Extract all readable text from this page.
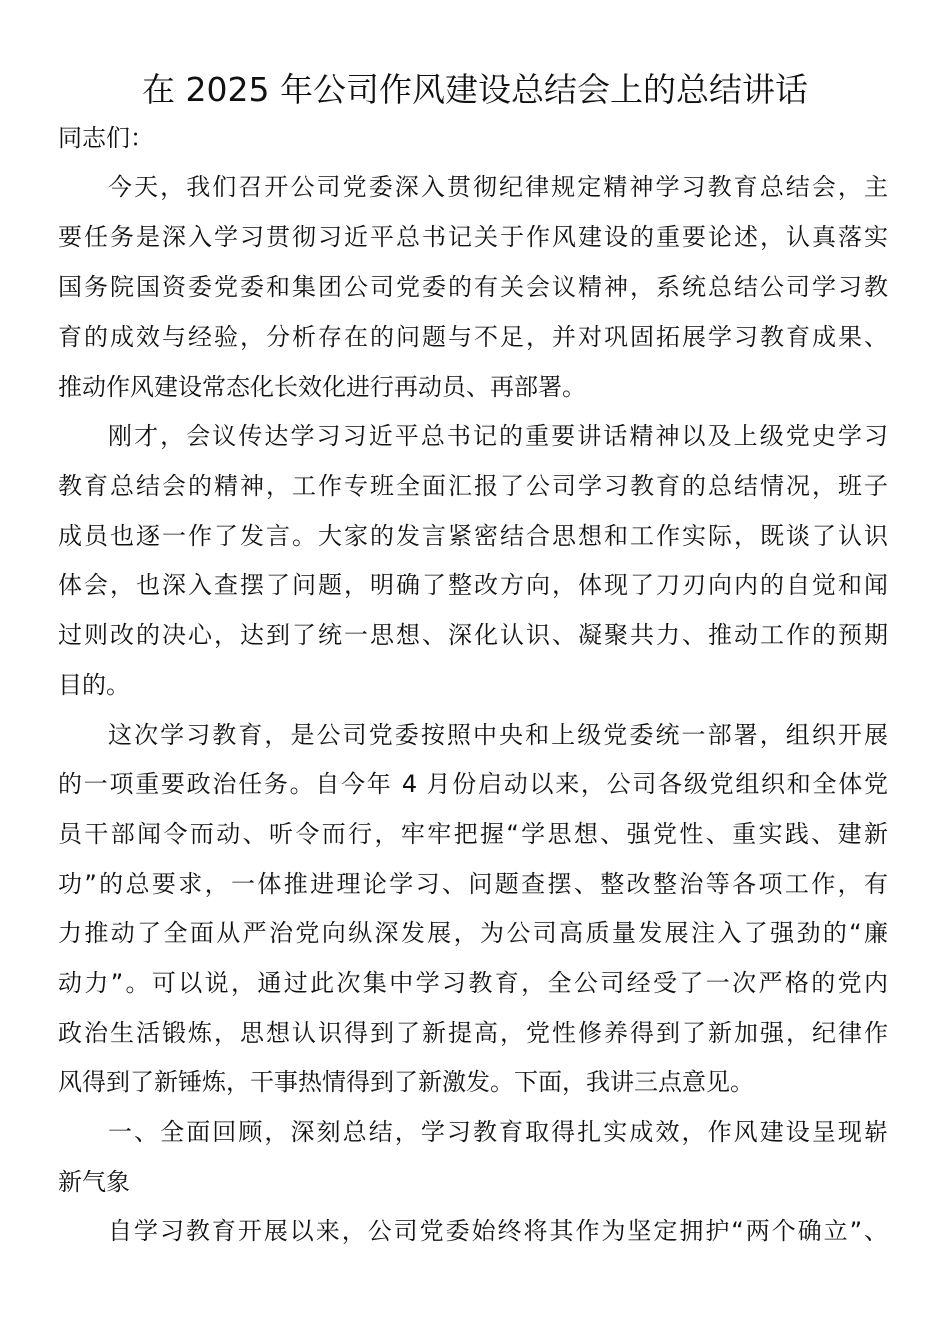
在 2025 年公司作风建设总结会上的总结讲话
同志们：
今天，我们召开公司党委深入贯彻纪律规定精神学习教育总结会，主
要任务是深入学习贯彻习近平总书记关于作风建设的重要论述，认真落实
国务院国资委党委和集团公司党委的有关会议精神，系统总结公司学习教
育的成效与经验，分析存在的问题与不足，并对巩固拓展学习教育成果、
推动作风建设常态化长效化进行再动员、再部署。
刚才，会议传达学习习近平总书记的重要讲话精神以及上级党史学习
教育总结会的精神，工作专班全面汇报了公司学习教育的总结情况，班子
成员也逐一作了发言。大家的发言紧密结合思想和工作实际，既谈了认识
体会，也深入查摆了问题，明确了整改方向，体现了刀刃向内的自觉和闻
过则改的决心，达到了统一思想、深化认识、凝聚共力、推动工作的预期
目的。
这次学习教育，是公司党委按照中央和上级党委统一部署，组织开展
的一项重要政治任务。自今年 4 月份启动以来，公司各级党组织和全体党
员干部闻令而动、听令而行，牢牢把握“学思想、强党性、重实践、建新
功”的总要求，一体推进理论学习、问题查摆、整改整治等各项工作，有
力推动了全面从严治党向纵深发展，为公司高质量发展注入了强劲的“廉
动力”。可以说，通过此次集中学习教育，全公司经受了一次严格的党内
政治生活锻炼，思想认识得到了新提高，党性修养得到了新加强，纪律作
风得到了新锤炼，干事热情得到了新激发。下面，我讲三点意见。
一、全面回顾，深刻总结，学习教育取得扎实成效，作风建设呈现崭
新气象
自学习教育开展以来，公司党委始终将其作为坚定拥护“两个确立”、
